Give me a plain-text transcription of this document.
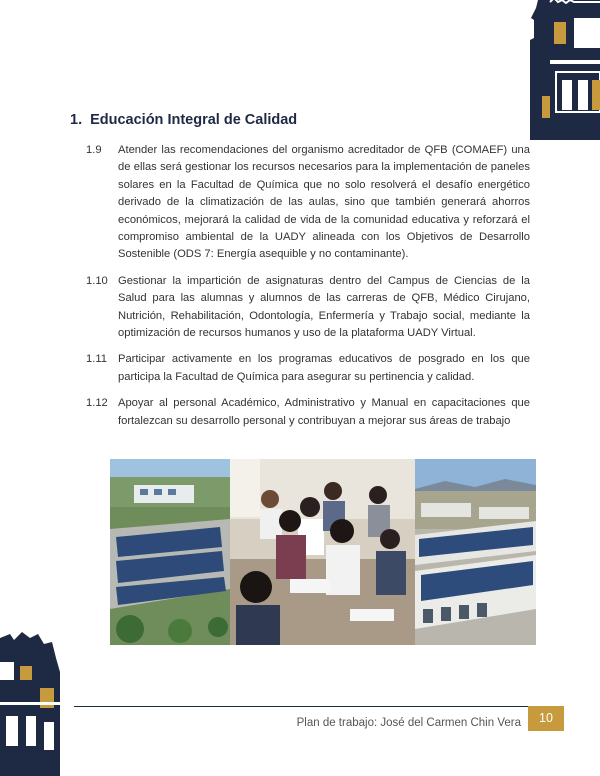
1. Educación Integral de Calidad
1.9	Atender las recomendaciones del organismo acreditador de QFB (COMAEF) una de ellas será gestionar los recursos necesarios para la implementación de paneles solares en la Facultad de Química que no solo resolverá el desafío energético derivado de la climatización de las aulas, sino que también generará ahorros económicos, mejorará la calidad de vida de la comunidad educativa y reforzará el compromiso ambiental de la UADY alineada con los Objetivos de Desarrollo Sostenible (ODS 7: Energía asequible y no contaminante).
1.10 Gestionar la impartición de asignaturas dentro del Campus de Ciencias de la Salud para las alumnas y alumnos de las carreras de QFB, Médico Cirujano, Nutrición, Rehabilitación, Odontología, Enfermería y Trabajo social, mediante la optimización de recursos humanos y uso de la plataforma UADY Virtual.
1.11 Participar activamente en los programas educativos de posgrado en los que participa la Facultad de Química para asegurar su pertinencia y calidad.
1.12 Apoyar al personal Académico, Administrativo y Manual en capacitaciones que fortalezcan su desarrollo personal y contribuyan a mejorar sus áreas de trabajo
Plan de trabajo: José del Carmen Chin Vera	10
